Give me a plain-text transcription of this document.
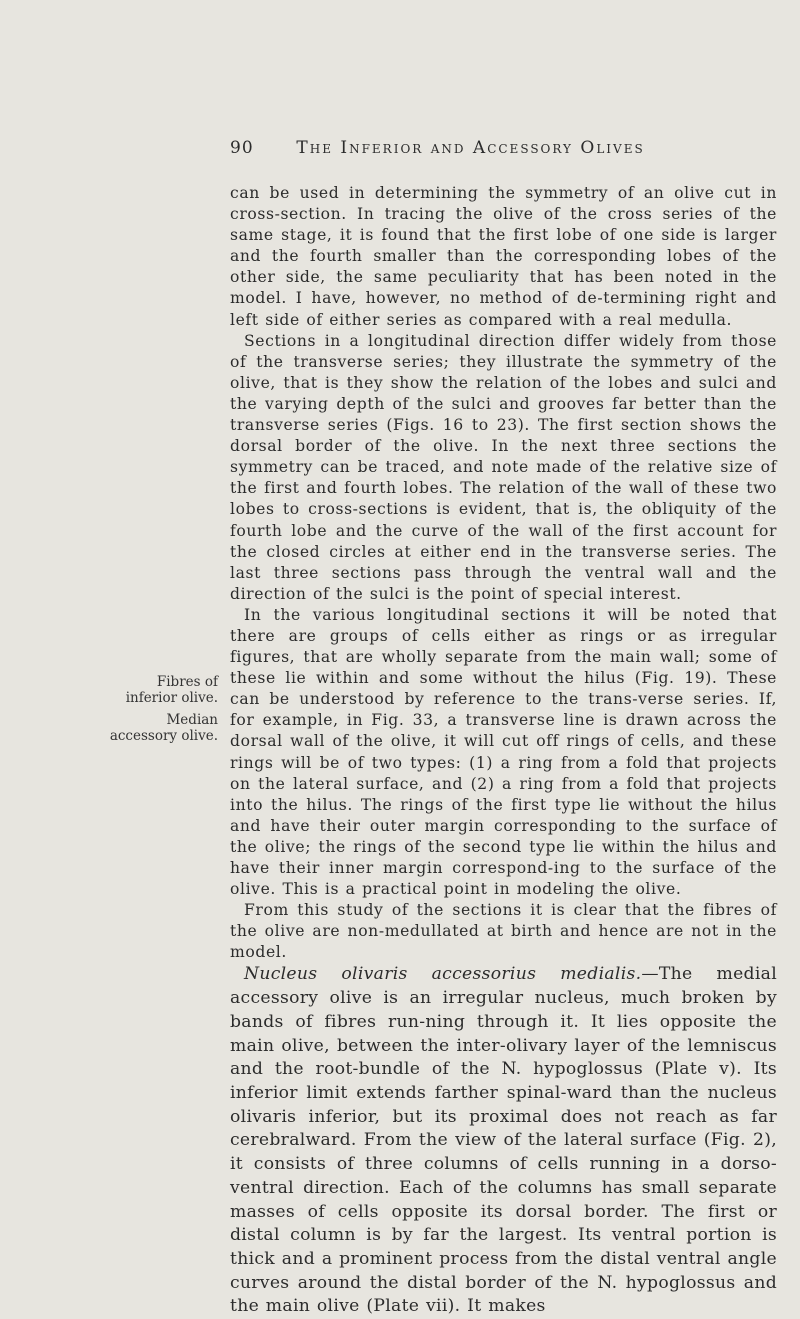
90	The Inferior and Accessory Olives
Fibres of
inferior olive.
Median
accessory olive.

can be used in determining the symmetry of an olive cut in cross-section. In tracing the olive of the cross series of the same stage, it is found that the first lobe of one side is larger and the fourth smaller than the corresponding lobes of the other side, the same peculiarity that has been noted in the model. I have, however, no method of de-termining right and left side of either series as compared with a real medulla.

Sections in a longitudinal direction differ widely from those of the transverse series; they illustrate the symmetry of the olive, that is they show the relation of the lobes and sulci and the varying depth of the sulci and grooves far better than the transverse series (Figs. 16 to 23). The first section shows the dorsal border of the olive. In the next three sections the symmetry can be traced, and note made of the relative size of the first and fourth lobes. The relation of the wall of these two lobes to cross-sections is evident, that is, the obliquity of the fourth lobe and the curve of the wall of the first account for the closed circles at either end in the transverse series. The last three sections pass through the ventral wall and the direction of the sulci is the point of special interest.

In the various longitudinal sections it will be noted that there are groups of cells either as rings or as irregular figures, that are wholly separate from the main wall; some of these lie within and some without the hilus (Fig. 19). These can be understood by reference to the trans-verse series. If, for example, in Fig. 33, a transverse line is drawn across the dorsal wall of the olive, it will cut off rings of cells, and these rings will be of two types: (1) a ring from a fold that projects on the lateral surface, and (2) a ring from a fold that projects into the hilus. The rings of the first type lie without the hilus and have their outer margin corresponding to the surface of the olive; the rings of the second type lie within the hilus and have their inner margin correspond-ing to the surface of the olive. This is a practical point in modeling the olive.

From this study of the sections it is clear that the fibres of the olive are non-medullated at birth and hence are not in the model.

Nucleus olivaris accessorius medialis.—The medial accessory olive is an irregular nucleus, much broken by bands of fibres run-ning through it. It lies opposite the main olive, between the inter-olivary layer of the lemniscus and the root-bundle of the N. hypoglossus (Plate v). Its inferior limit extends farther spinal-ward than the nucleus olivaris inferior, but its proximal does not reach as far cerebralward. From the view of the lateral surface (Fig. 2), it consists of three columns of cells running in a dorso-ventral direction. Each of the columns has small separate masses of cells opposite its dorsal border. The first or distal column is by far the largest. Its ventral portion is thick and a prominent process from the distal ventral angle curves around the distal border of the N. hypoglossus and the main olive (Plate vii). It makes
